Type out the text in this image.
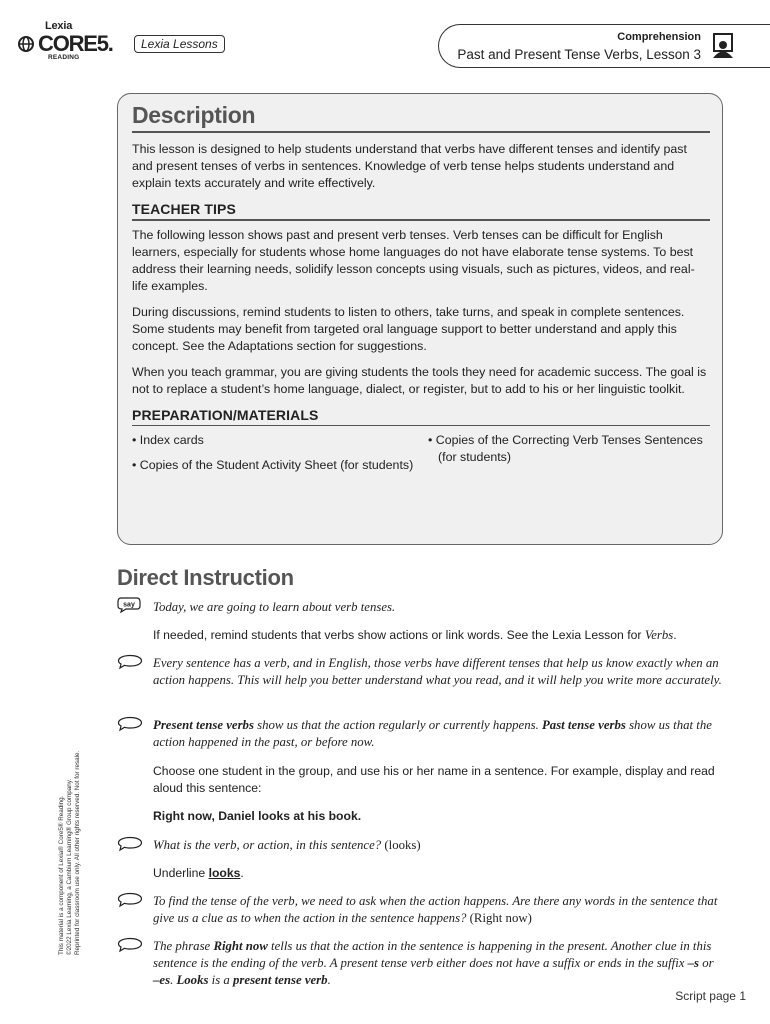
Lexia
CORE5.
READING
Lexia Lessons	Comprehension
Past and Present Tense Verbs, Lesson 3
Description

This lesson is designed to help students understand that verbs have different tenses and identify past and present tenses of verbs in sentences. Knowledge of verb tense helps students understand and explain texts accurately and write effectively.

TEACHER TIPS

The following lesson shows past and present verb tenses. Verb tenses can be difficult for English learners, especially for students whose home languages do not have elaborate tense systems. To best address their learning needs, solidify lesson concepts using visuals, such as pictures, videos, and real-life examples.

During discussions, remind students to listen to others, take turns, and speak in complete sentences. Some students may benefit from targeted oral language support to better understand and apply this concept. See the Adaptations section for suggestions.

When you teach grammar, you are giving students the tools they need for academic success. The goal is not to replace a student’s home language, dialect, or register, but to add to his or her linguistic toolkit.

PREPARATION/MATERIALS
• Index cards
• Copies of the Student Activity Sheet (for students)
• Copies of the Correcting Verb Tenses Sentences (for students)
Direct Instruction
say Today, we are going to learn about verb tenses.
If needed, remind students that verbs show actions or link words. See the Lexia Lesson for Verbs.
Every sentence has a verb, and in English, those verbs have different tenses that help us know exactly when an action happens. This will help you better understand what you read, and it will help you write more accurately.
Present tense verbs show us that the action regularly or currently happens. Past tense verbs show us that the action happened in the past, or before now.
Choose one student in the group, and use his or her name in a sentence. For example, display and read aloud this sentence:
Right now, Daniel looks at his book.
What is the verb, or action, in this sentence? (looks)
Underline looks.
To find the tense of the verb, we need to ask when the action happens. Are there any words in the sentence that give us a clue as to when the action in the sentence happens? (Right now)
The phrase Right now tells us that the action in the sentence is happening in the present. Another clue in this sentence is the ending of the verb. A present tense verb either does not have a suffix or ends in the suffix –s or –es. Looks is a present tense verb.
This material is a component of Lexia® Core5® Reading. ©2022 Lexia Learning, a Cambium Learning® Group company. Reprinted for classroom use only. All other rights reserved. Not for resale.
Script page 1
